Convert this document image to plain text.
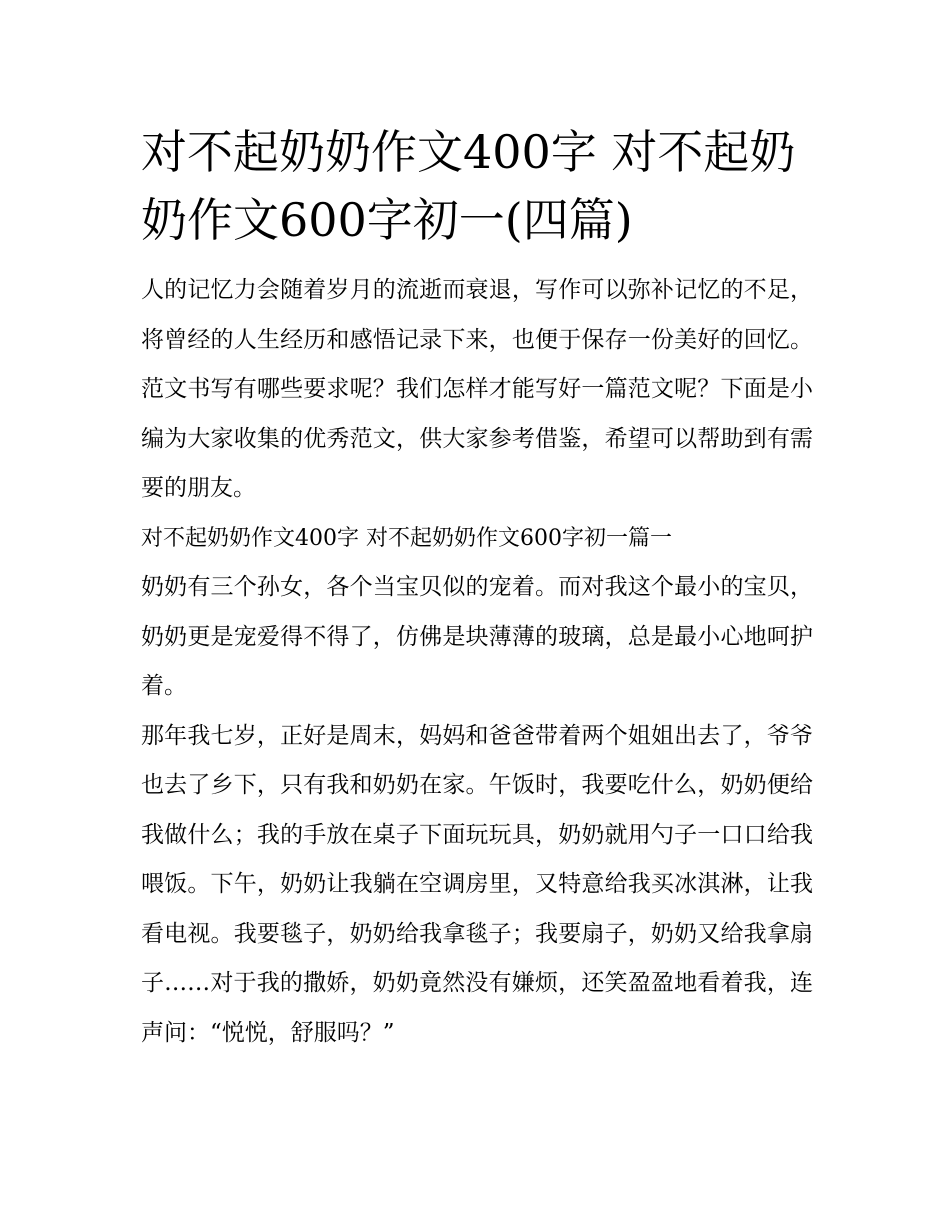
对不起奶奶作文400字 对不起奶奶作文600字初一(四篇)

人的记忆力会随着岁月的流逝而衰退，写作可以弥补记忆的不足，将曾经的人生经历和感悟记录下来，也便于保存一份美好的回忆。范文书写有哪些要求呢？我们怎样才能写好一篇范文呢？下面是小编为大家收集的优秀范文，供大家参考借鉴，希望可以帮助到有需要的朋友。

对不起奶奶作文400字 对不起奶奶作文600字初一篇一

奶奶有三个孙女，各个当宝贝似的宠着。而对我这个最小的宝贝，奶奶更是宠爱得不得了，仿佛是块薄薄的玻璃，总是最小心地呵护着。

那年我七岁，正好是周末，妈妈和爸爸带着两个姐姐出去了，爷爷也去了乡下，只有我和奶奶在家。午饭时，我要吃什么，奶奶便给我做什么；我的手放在桌子下面玩玩具，奶奶就用勺子一口口给我喂饭。下午，奶奶让我躺在空调房里，又特意给我买冰淇淋，让我看电视。我要毯子，奶奶给我拿毯子；我要扇子，奶奶又给我拿扇子……对于我的撒娇，奶奶竟然没有嫌烦，还笑盈盈地看着我，连声问：“悦悦，舒服吗？”
